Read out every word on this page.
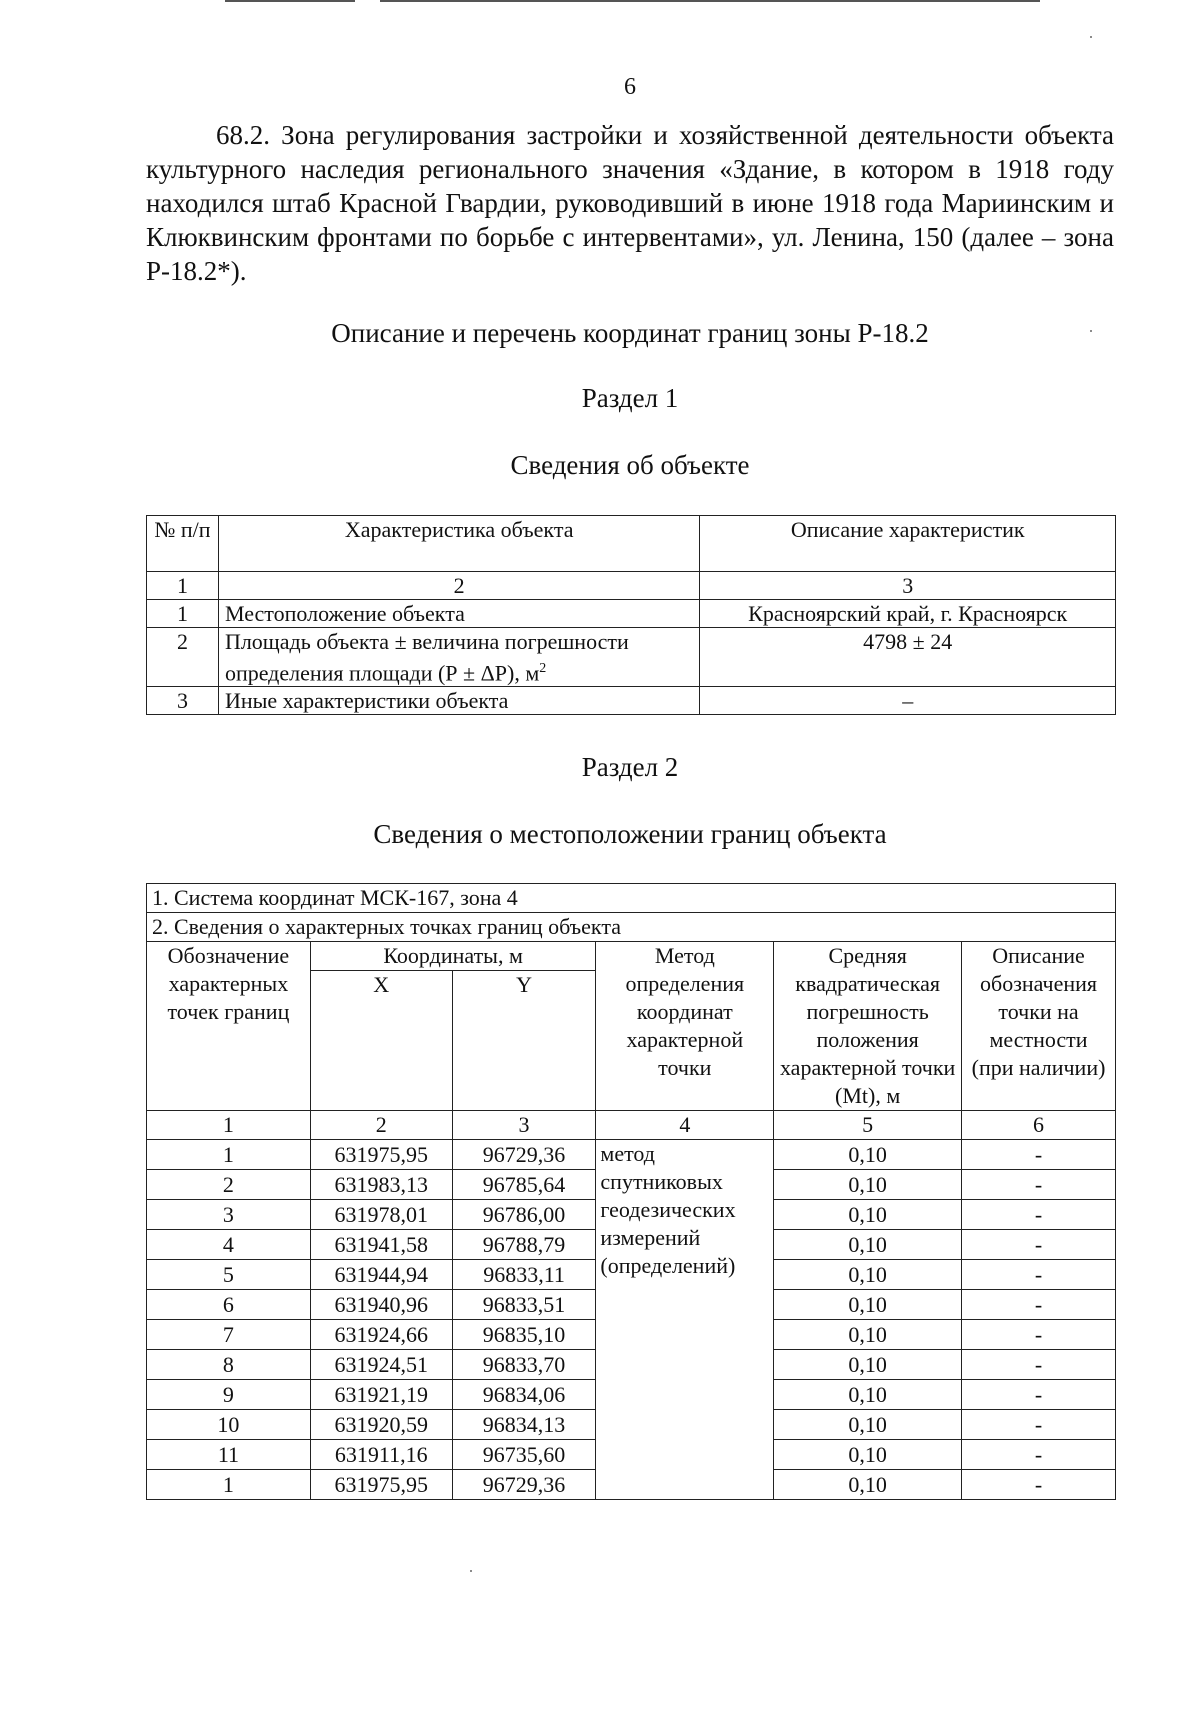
6

68.2. Зона регулирования застройки и хозяйственной деятельности объекта культурного наследия регионального значения «Здание, в котором в 1918 году находился штаб Красной Гвардии, руководивший в июне 1918 года Мариинским и Клюквинским фронтами по борьбе с интервентами», ул. Ленина, 150 (далее – зона Р-18.2*).

Описание и перечень координат границ зоны Р-18.2
Раздел 1
Сведения об объекте
№ п/п	Характеристика объекта	Описание характеристик
1	2	3
1	Местоположение объекта	Красноярский край, г. Красноярск
2	Площадь объекта ± величина погрешности определения площади (Р ± ΔР), $м^2$	4798 ± 24
3	Иные характеристики объекта	–
Раздел 2
Сведения о местоположении границ объекта
1. Система координат МСК-167, зона 4					
2. Сведения о характерных точках границ объекта					
Обозначение характерных точек границ	Координаты, м		Метод определения координат характерной точки	Средняя квадратическая погрешность положения характерной точки (Mt), м	Описание обозначения точки на местности (при наличии)
	X	Y			
1	2	3	4	5	6
1	631975,95	96729,36	метод спутниковых геодезических измерений (определений)	0,10	-
2	631983,13	96785,64		0,10	-
3	631978,01	96786,00		0,10	-
4	631941,58	96788,79		0,10	-
5	631944,94	96833,11		0,10	-
6	631940,96	96833,51		0,10	-
7	631924,66	96835,10		0,10	-
8	631924,51	96833,70		0,10	-
9	631921,19	96834,06		0,10	-
10	631920,59	96834,13		0,10	-
11	631911,16	96735,60		0,10	-
1	631975,95	96729,36		0,10	-
